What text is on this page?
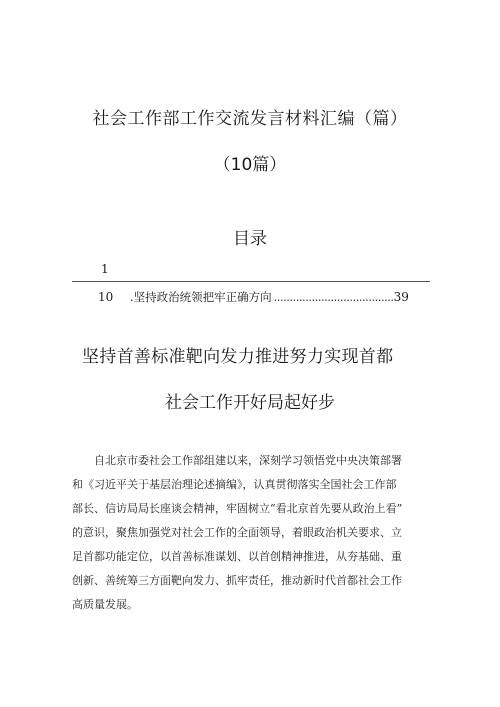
社会工作部工作交流发言材料汇编（篇）
（10篇）
目录
1
10	.坚持政治统领把牢正确方向 ...................................... 39
坚持首善标准靶向发力推进努力实现首都
社会工作开好局起好步
自北京市委社会工作部组建以来，深刻学习领悟党中央决策部署
和《习近平关于基层治理论述摘编》，认真贯彻落实全国社会工作部
部长、信访局局长座谈会精神，牢固树立“看北京首先要从政治上看”
的意识，聚焦加强党对社会工作的全面领导，着眼政治机关要求、立
足首都功能定位，以首善标准谋划、以首创精神推进，从夯基础、重
创新、善统筹三方面靶向发力、抓牢责任，推动新时代首都社会工作
高质量发展。
